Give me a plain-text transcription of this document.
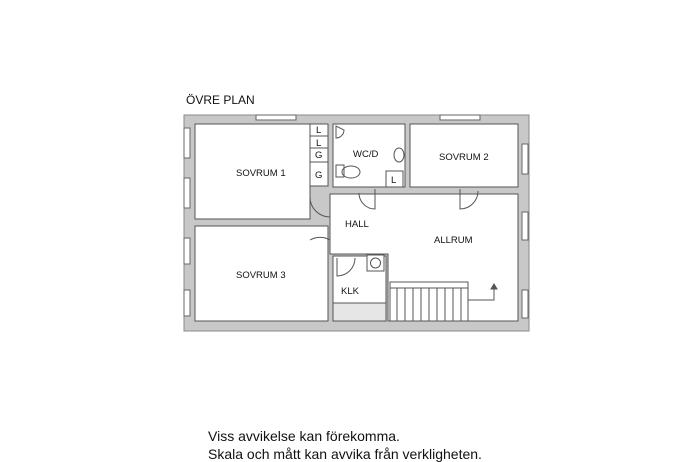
ÖVRE PLAN
L
L
G
G	L
SOVRUM 1
SOVRUM 2
SOVRUM 3
WC/D
HALL
ALLRUM
KLK
Viss avvikelse kan förekomma.
Skala och mått kan avvika från verkligheten.
